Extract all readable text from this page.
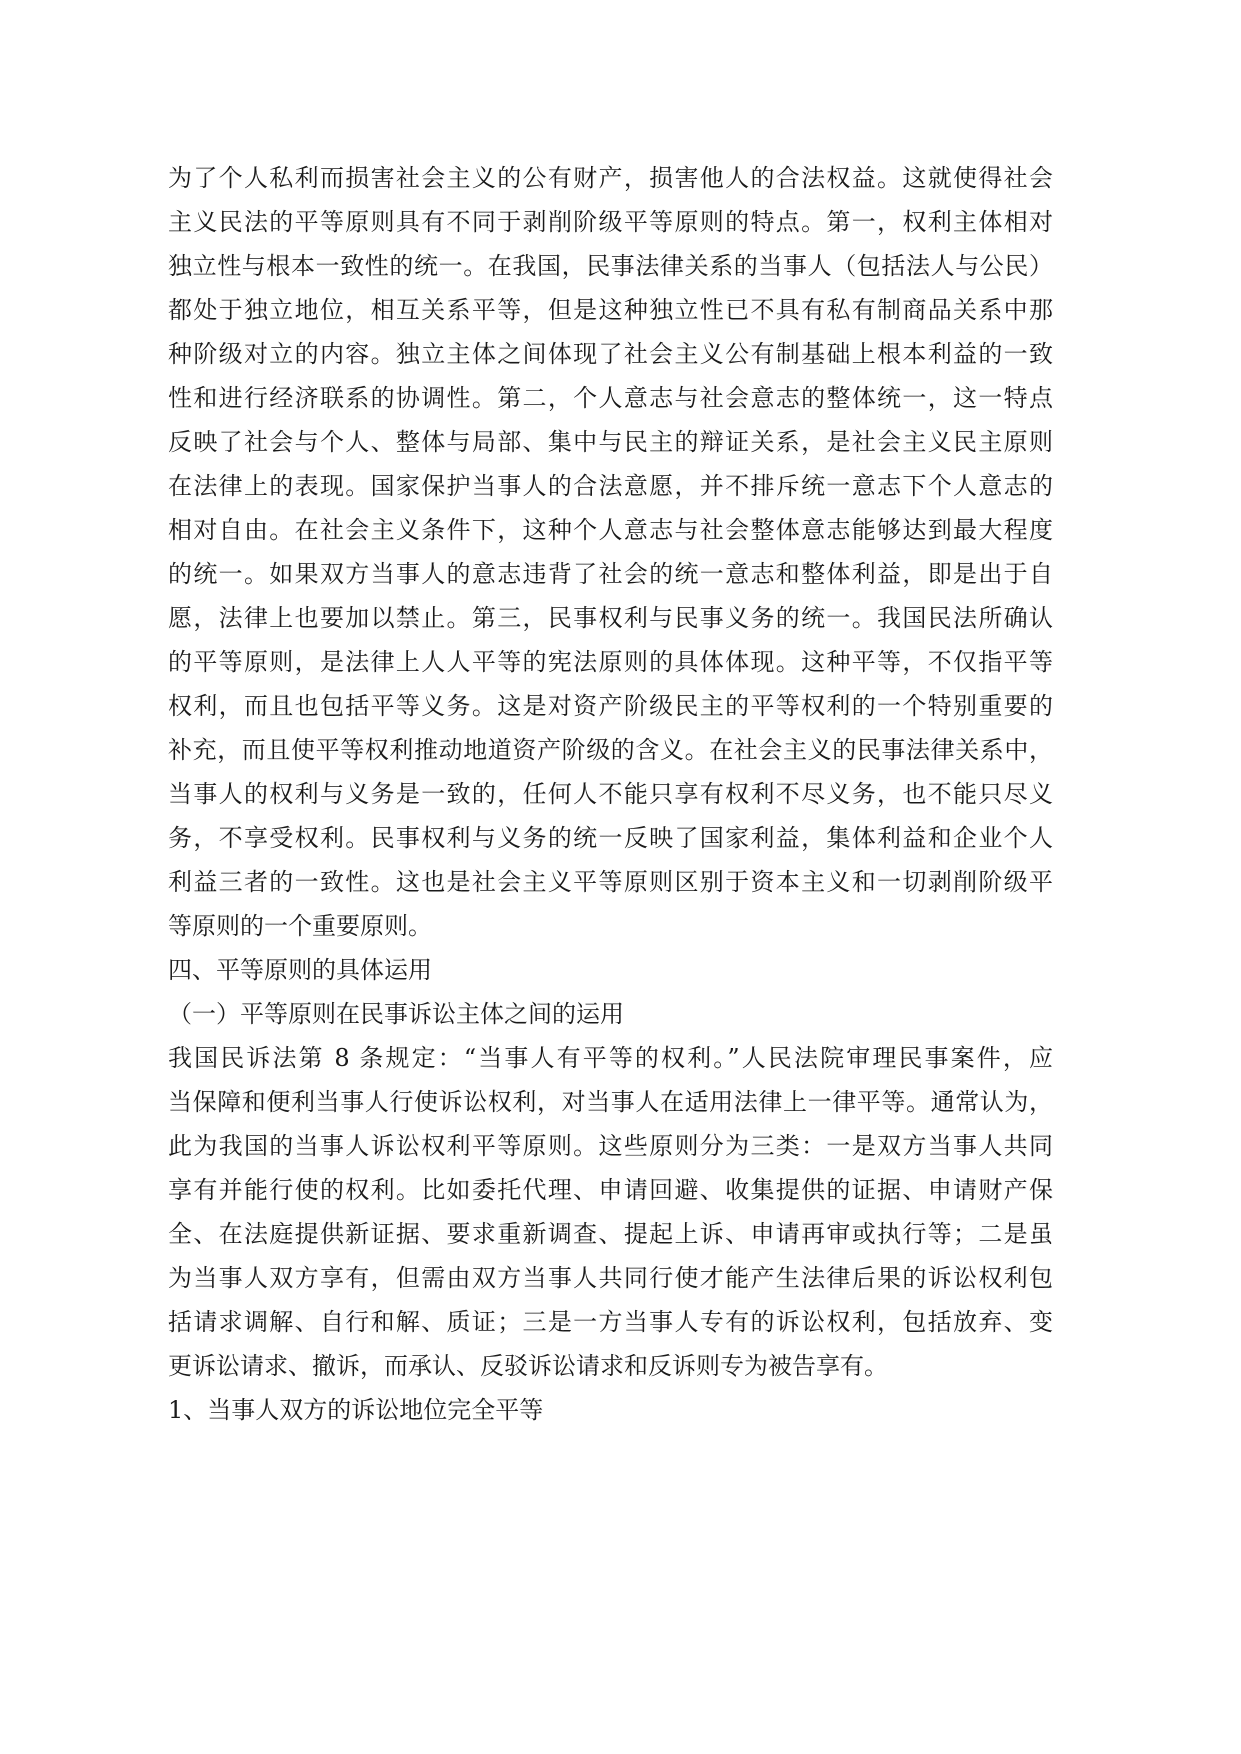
为了个人私利而损害社会主义的公有财产，损害他人的合法权益。这就使得社会
主义民法的平等原则具有不同于剥削阶级平等原则的特点。第一，权利主体相对
独立性与根本一致性的统一。在我国，民事法律关系的当事人（包括法人与公民）
都处于独立地位，相互关系平等，但是这种独立性已不具有私有制商品关系中那
种阶级对立的内容。独立主体之间体现了社会主义公有制基础上根本利益的一致
性和进行经济联系的协调性。第二，个人意志与社会意志的整体统一，这一特点
反映了社会与个人、整体与局部、集中与民主的辩证关系，是社会主义民主原则
在法律上的表现。国家保护当事人的合法意愿，并不排斥统一意志下个人意志的
相对自由。在社会主义条件下，这种个人意志与社会整体意志能够达到最大程度
的统一。如果双方当事人的意志违背了社会的统一意志和整体利益，即是出于自
愿，法律上也要加以禁止。第三，民事权利与民事义务的统一。我国民法所确认
的平等原则，是法律上人人平等的宪法原则的具体体现。这种平等，不仅指平等
权利，而且也包括平等义务。这是对资产阶级民主的平等权利的一个特别重要的
补充，而且使平等权利推动地道资产阶级的含义。在社会主义的民事法律关系中，
当事人的权利与义务是一致的，任何人不能只享有权利不尽义务，也不能只尽义
务，不享受权利。民事权利与义务的统一反映了国家利益，集体利益和企业个人
利益三者的一致性。这也是社会主义平等原则区别于资本主义和一切剥削阶级平
等原则的一个重要原则。
四、平等原则的具体运用
（一）平等原则在民事诉讼主体之间的运用
我国民诉法第 8 条规定：“当事人有平等的权利。”人民法院审理民事案件，应
当保障和便利当事人行使诉讼权利，对当事人在适用法律上一律平等。通常认为，
此为我国的当事人诉讼权利平等原则。这些原则分为三类：一是双方当事人共同
享有并能行使的权利。比如委托代理、申请回避、收集提供的证据、申请财产保
全、在法庭提供新证据、要求重新调查、提起上诉、申请再审或执行等；二是虽
为当事人双方享有，但需由双方当事人共同行使才能产生法律后果的诉讼权利包
括请求调解、自行和解、质证；三是一方当事人专有的诉讼权利，包括放弃、变
更诉讼请求、撤诉，而承认、反驳诉讼请求和反诉则专为被告享有。
1、当事人双方的诉讼地位完全平等
